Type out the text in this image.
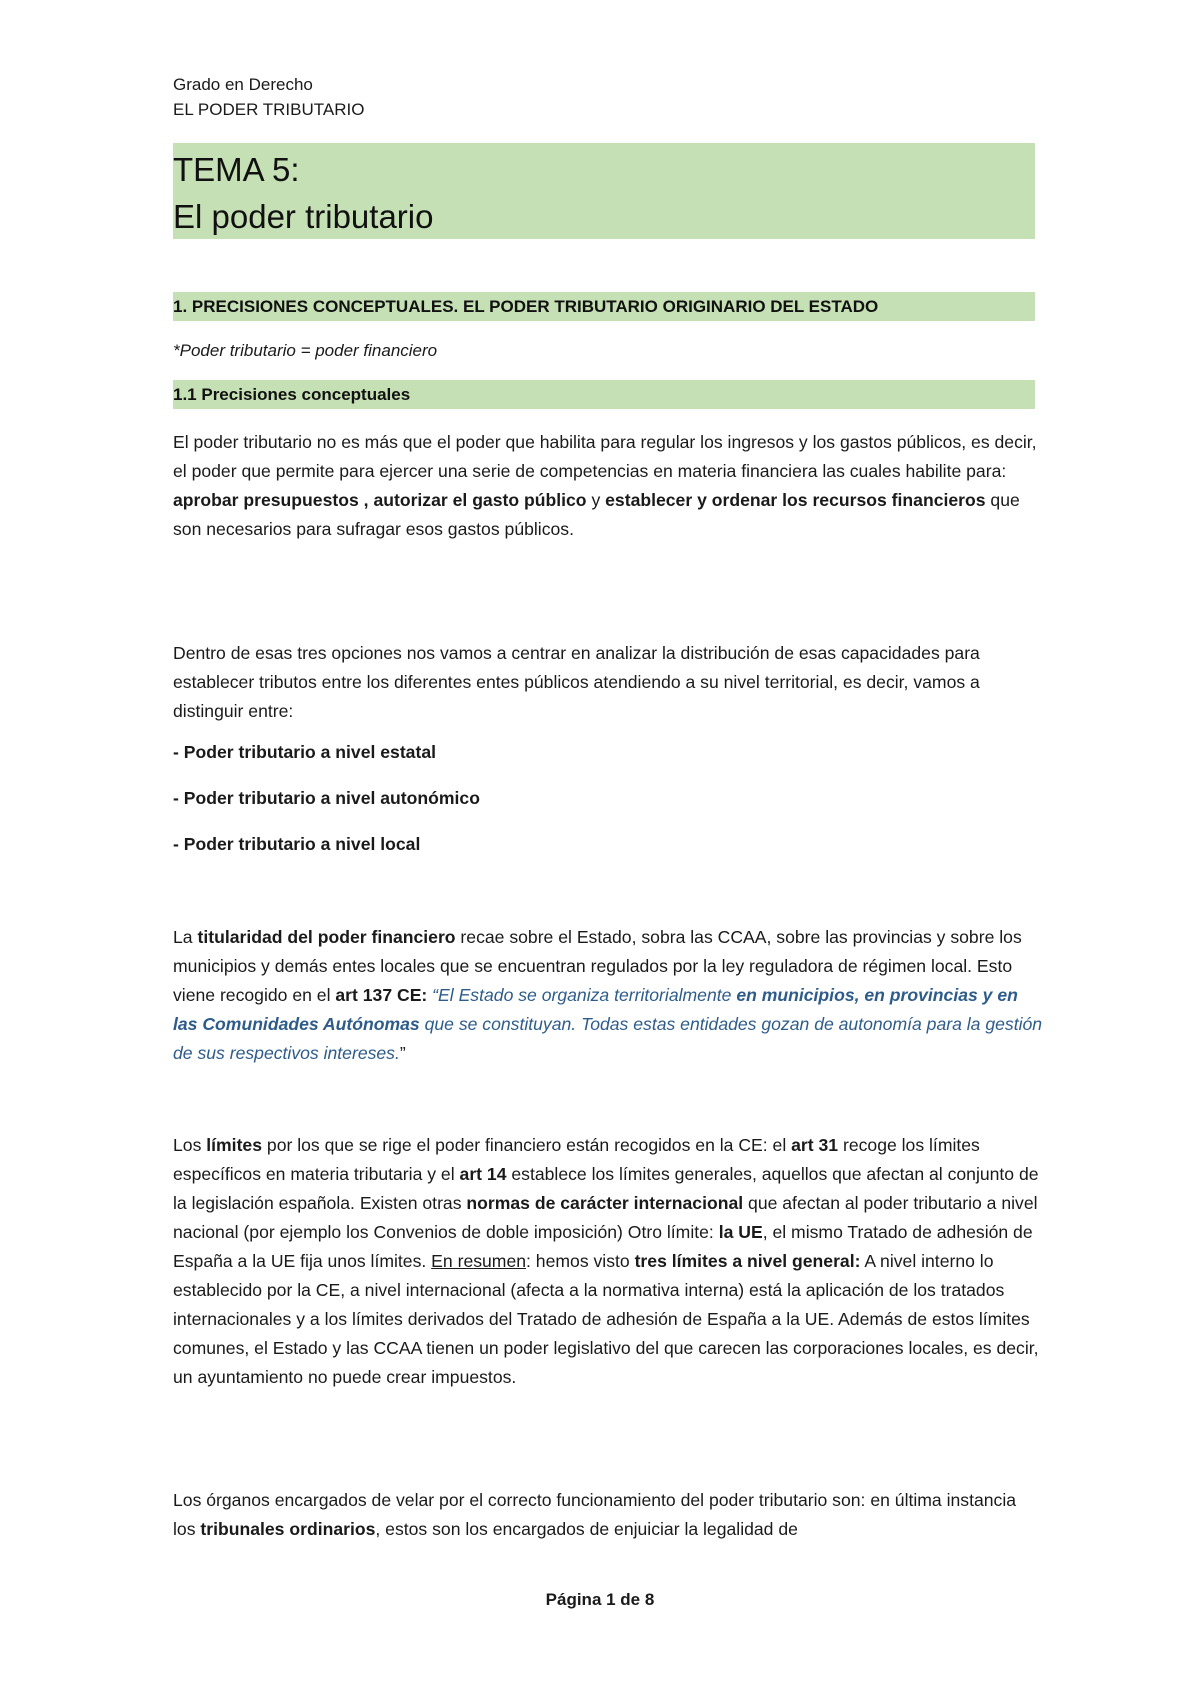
Grado en Derecho
EL PODER TRIBUTARIO
TEMA 5:
El poder tributario
1. PRECISIONES CONCEPTUALES. EL PODER TRIBUTARIO ORIGINARIO DEL ESTADO
*Poder tributario = poder financiero
1.1 Precisiones conceptuales

El poder tributario no es más que el poder que habilita para regular los ingresos y los gastos públicos, es decir, el poder que permite para ejercer una serie de competencias en materia financiera las cuales habilite para: aprobar presupuestos , autorizar el gasto público y establecer y ordenar los recursos financieros que son necesarios para sufragar esos gastos públicos.

Dentro de esas tres opciones nos vamos a centrar en analizar la distribución de esas capacidades para establecer tributos entre los diferentes entes públicos atendiendo a su nivel territorial, es decir, vamos a distinguir entre:
- Poder tributario a nivel estatal
- Poder tributario a nivel autonómico
- Poder tributario a nivel local

La titularidad del poder financiero recae sobre el Estado, sobra las CCAA, sobre las provincias y sobre los municipios y demás entes locales que se encuentran regulados por la ley reguladora de régimen local. Esto viene recogido en el art 137 CE: “El Estado se organiza territorialmente en municipios, en provincias y en las Comunidades Autónomas que se constituyan. Todas estas entidades gozan de autonomía para la gestión de sus respectivos intereses.”

Los límites por los que se rige el poder financiero están recogidos en la CE: el art 31 recoge los límites específicos en materia tributaria y el art 14 establece los límites generales, aquellos que afectan al conjunto de la legislación española. Existen otras normas de carácter internacional que afectan al poder tributario a nivel nacional (por ejemplo los Convenios de doble imposición) Otro límite: la UE, el mismo Tratado de adhesión de España a la UE fija unos límites. En resumen: hemos visto tres límites a nivel general: A nivel interno lo establecido por la CE, a nivel internacional (afecta a la normativa interna) está la aplicación de los tratados internacionales y a los límites derivados del Tratado de adhesión de España a la UE. Además de estos límites comunes, el Estado y las CCAA tienen un poder legislativo del que carecen las corporaciones locales, es decir, un ayuntamiento no puede crear impuestos.

Los órganos encargados de velar por el correcto funcionamiento del poder tributario son: en última instancia los tribunales ordinarios, estos son los encargados de enjuiciar la legalidad de

Página 1 de 8
